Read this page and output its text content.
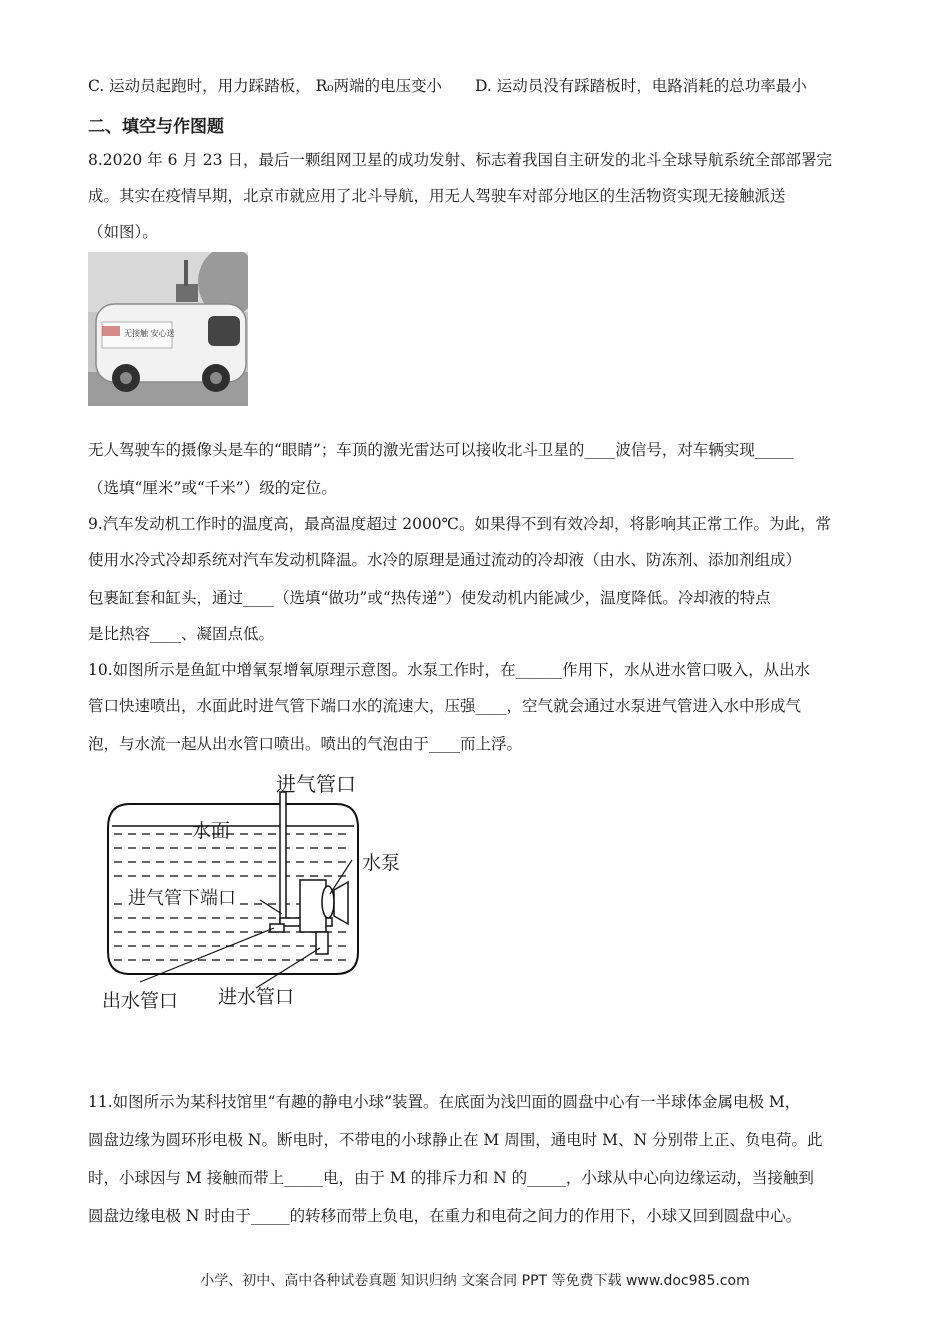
C. 运动员起跑时，用力踩踏板， R₀两端的电压变小 D. 运动员没有踩踏板时，电路消耗的总功率最小
二、填空与作图题
8.2020 年 6 月 23 日，最后一颗组网卫星的成功发射、标志着我国自主研发的北斗全球导航系统全部部署完
成。其实在疫情早期，北京市就应用了北斗导航，用无人驾驶车对部分地区的生活物资实现无接触派送
（如图）。
无接触 安心送
无人驾驶车的摄像头是车的“眼睛”；车顶的激光雷达可以接收北斗卫星的____波信号，对车辆实现_____
（选填“厘米”或“千米”）级的定位。
9.汽车发动机工作时的温度高，最高温度超过 2000℃。如果得不到有效冷却，将影响其正常工作。为此，常
使用水冷式冷却系统对汽车发动机降温。水冷的原理是通过流动的冷却液（由水、防冻剂、添加剂组成）
包裹缸套和缸头，通过____（选填“做功”或“热传递”）使发动机内能减少，温度降低。冷却液的特点
是比热容____、凝固点低。
10.如图所示是鱼缸中增氧泵增氧原理示意图。水泵工作时，在______作用下，水从进水管口吸入，从出水
管口快速喷出，水面此时进气管下端口水的流速大，压强____，空气就会通过水泵进气管进入水中形成气
泡，与水流一起从出水管口喷出。喷出的气泡由于____而上浮。
进气管口
水面
水泵
进气管下端口
出水管口 进水管口
11.如图所示为某科技馆里“有趣的静电小球”装置。在底面为浅凹面的圆盘中心有一半球体金属电极 M，
圆盘边缘为圆环形电极 N。断电时，不带电的小球静止在 M 周围，通电时 M、N 分别带上正、负电荷。此
时，小球因与 M 接触而带上_____电，由于 M 的排斥力和 N 的_____，小球从中心向边缘运动，当接触到
圆盘边缘电极 N 时由于_____的转移而带上负电，在重力和电荷之间力的作用下，小球又回到圆盘中心。
小学、初中、高中各种试卷真题 知识归纳 文案合同 PPT 等免费下载 www.doc985.com
